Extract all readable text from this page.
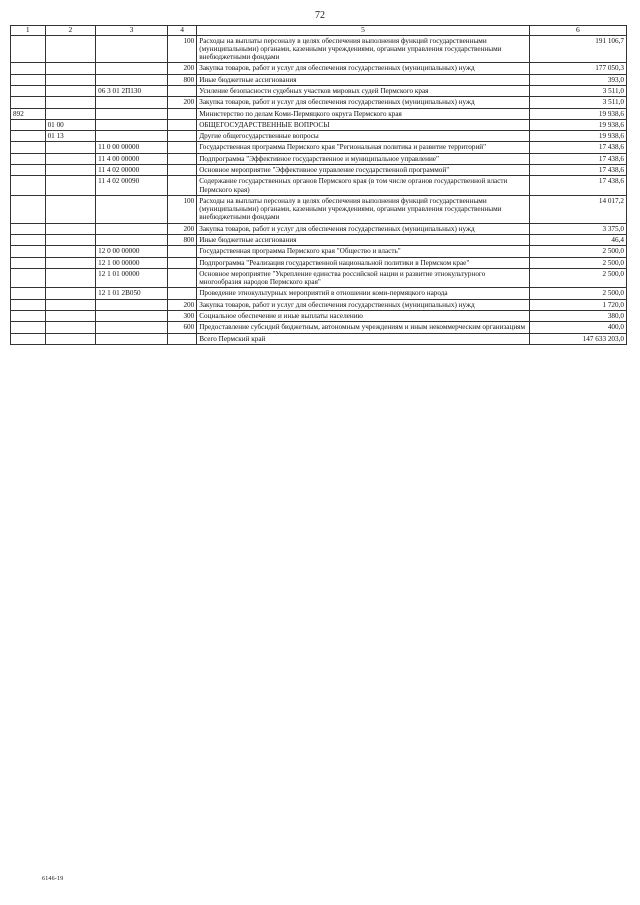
72
1	2	3	4	5	6
			100	Расходы на выплаты персоналу в целях обеспечения выполнения функций государственными (муниципальными) органами, казенными учреждениями, органами управления государственными внебюджетными фондами	191 106,7
			200	Закупка товаров, работ и услуг для обеспечения государственных (муниципальных) нужд	177 050,3
			800	Иные бюджетные ассигнования	393,0
		06 3 01 2П130		Усиление безопасности судебных участков мировых судей Пермского края	3 511,0
			200	Закупка товаров, работ и услуг для обеспечения государственных (муниципальных) нужд	3 511,0
892				Министерство по делам Коми-Пермяцкого округа Пермского края	19 938,6
	01 00			ОБЩЕГОСУДАРСТВЕННЫЕ ВОПРОСЫ	19 938,6
	01 13			Другие общегосударственные вопросы	19 938,6
		11 0 00 00000		Государственная программа Пермского края "Региональная политика и развитие территорий"	17 438,6
		11 4 00 00000		Подпрограмма "Эффективное государственное и муниципальное управление"	17 438,6
		11 4 02 00000		Основное мероприятие "Эффективное управление государственной программой"	17 438,6
		11 4 02 00090		Содержание государственных органов Пермского края (в том числе органов государственной власти Пермского края)	17 438,6
			100	Расходы на выплаты персоналу в целях обеспечения выполнения функций государственными (муниципальными) органами, казенными учреждениями, органами управления государственными внебюджетными фондами	14 017,2
			200	Закупка товаров, работ и услуг для обеспечения государственных (муниципальных) нужд	3 375,0
			800	Иные бюджетные ассигнования	46,4
		12 0 00 00000		Государственная программа Пермского края "Общество и власть"	2 500,0
		12 1 00 00000		Подпрограмма "Реализация государственной национальной политики в Пермском крае"	2 500,0
		12 1 01 00000		Основное мероприятие "Укрепление единства российской нации и развитие этнокультурного многообразия народов Пермского края"	2 500,0
		12 1 01 2В050		Проведение этнокультурных мероприятий в отношении коми-пермяцкого народа	2 500,0
			200	Закупка товаров, работ и услуг для обеспечения государственных (муниципальных) нужд	1 720,0
			300	Социальное обеспечение и иные выплаты населению	380,0
			600	Предоставление субсидий бюджетным, автономным учреждениям и иным некоммерческим организациям	400,0
				Всего Пермский край	147 633 203,0
6146-19
